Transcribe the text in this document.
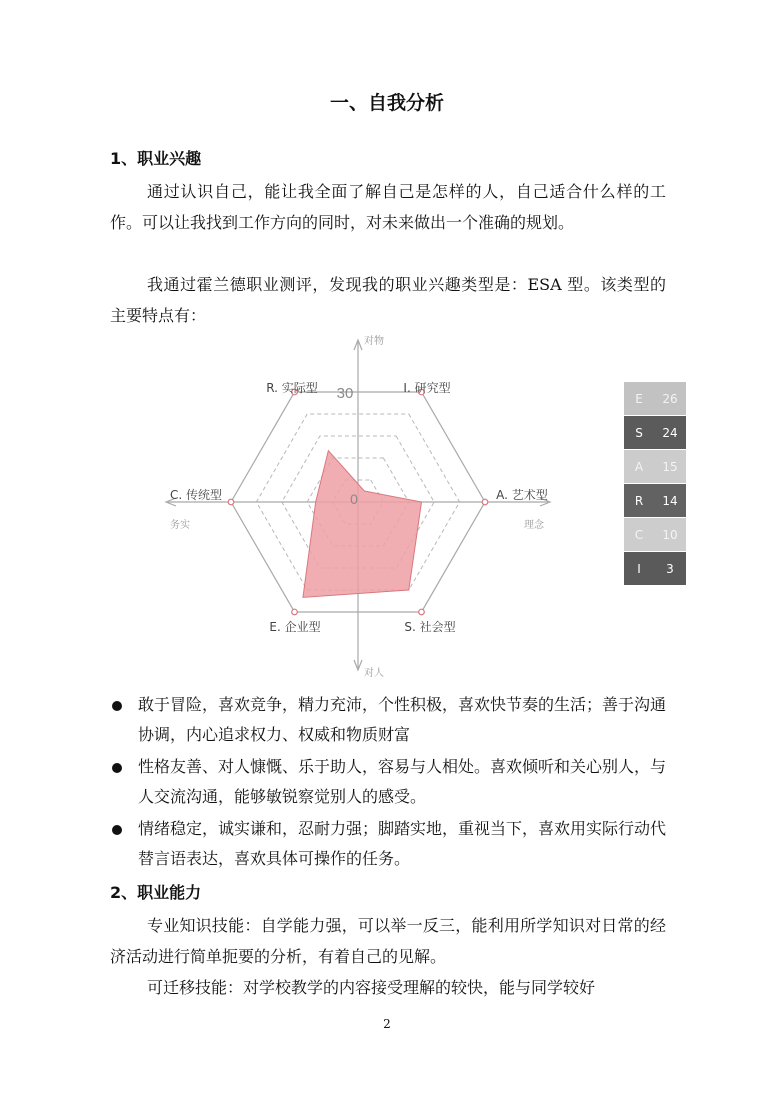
一、自我分析
1、职业兴趣

通过认识自己，能让我全面了解自己是怎样的人，自己适合什么样的工作。可以让我找到工作方向的同时，对未来做出一个准确的规划。

我通过霍兰德职业测评，发现我的职业兴趣类型是：ESA 型。该类型的主要特点有：

30
0
I. 研究型
A. 艺术型
S. 社会型
E. 企业型
C. 传统型
R. 实际型
对物
对人
务实	理念
E	26
S	24
A	15
R	14
C	10
I	3
敢于冒险，喜欢竞争，精力充沛，个性积极，喜欢快节奏的生活；善于沟通协调，内心追求权力、权威和物质财富
性格友善、对人慷慨、乐于助人，容易与人相处。喜欢倾听和关心别人，与人交流沟通，能够敏锐察觉别人的感受。
情绪稳定，诚实谦和，忍耐力强；脚踏实地，重视当下，喜欢用实际行动代替言语表达，喜欢具体可操作的任务。
2、职业能力

专业知识技能：自学能力强，可以举一反三，能利用所学知识对日常的经济活动进行简单扼要的分析，有着自己的见解。

可迁移技能：对学校教学的内容接受理解的较快，能与同学较好

2
